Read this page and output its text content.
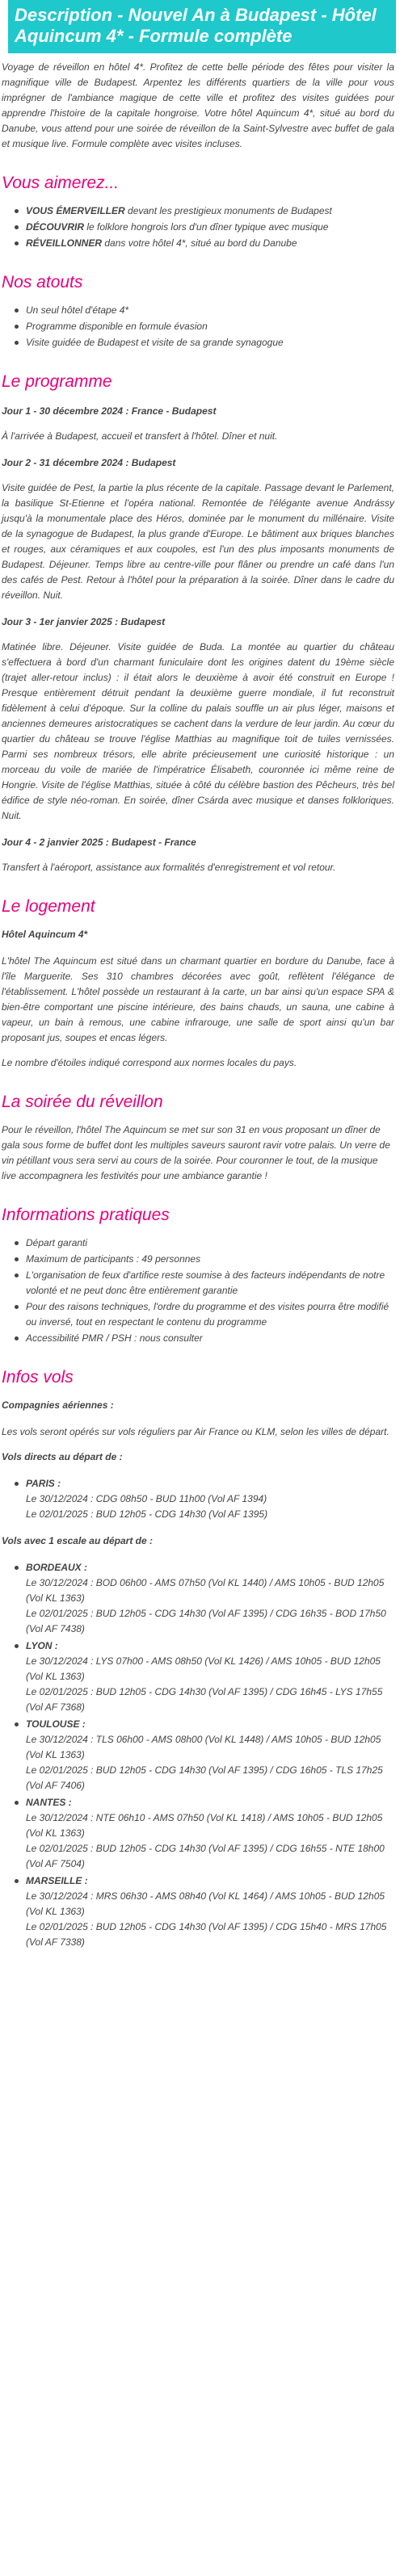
Description - Nouvel An à Budapest - Hôtel Aquincum 4* - Formule complète

Voyage de réveillon en hôtel 4*. Profitez de cette belle période des fêtes pour visiter la magnifique ville de Budapest. Arpentez les différents quartiers de la ville pour vous imprégner de l'ambiance magique de cette ville et profitez des visites guidées pour apprendre l'histoire de la capitale hongroise. Votre hôtel Aquincum 4*, situé au bord du Danube, vous attend pour une soirée de réveillon de la Saint-Sylvestre avec buffet de gala et musique live. Formule complète avec visites incluses.

Vous aimerez...
VOUS ÉMERVEILLER devant les prestigieux monuments de Budapest
DÉCOUVRIR le folklore hongrois lors d'un dîner typique avec musique
RÉVEILLONNER dans votre hôtel 4*, situé au bord du Danube
Nos atouts
Un seul hôtel d'étape 4*
Programme disponible en formule évasion
Visite guidée de Budapest et visite de sa grande synagogue
Le programme
Jour 1 - 30 décembre 2024 : France - Budapest

À l'arrivée à Budapest, accueil et transfert à l'hôtel. Dîner et nuit.

Jour 2 - 31 décembre 2024 : Budapest

Visite guidée de Pest, la partie la plus récente de la capitale. Passage devant le Parlement, la basilique St-Etienne et l'opéra national. Remontée de l'élégante avenue Andrássy jusqu'à la monumentale place des Héros, dominée par le monument du millénaire. Visite de la synagogue de Budapest, la plus grande d'Europe. Le bâtiment aux briques blanches et rouges, aux céramiques et aux coupoles, est l'un des plus imposants monuments de Budapest. Déjeuner. Temps libre au centre-ville pour flâner ou prendre un café dans l'un des cafés de Pest. Retour à l'hôtel pour la préparation à la soirée. Dîner dans le cadre du réveillon. Nuit.

Jour 3 - 1er janvier 2025 : Budapest

Matinée libre. Déjeuner. Visite guidée de Buda. La montée au quartier du château s'effectuera à bord d'un charmant funiculaire dont les origines datent du 19ème siècle (trajet aller-retour inclus) : il était alors le deuxième à avoir été construit en Europe ! Presque entièrement détruit pendant la deuxième guerre mondiale, il fut reconstruit fidèlement à celui d'époque. Sur la colline du palais souffle un air plus léger, maisons et anciennes demeures aristocratiques se cachent dans la verdure de leur jardin. Au cœur du quartier du château se trouve l'église Matthias au magnifique toit de tuiles vernissées. Parmi ses nombreux trésors, elle abrite précieusement une curiosité historique : un morceau du voile de mariée de l'impératrice Élisabeth, couronnée ici même reine de Hongrie. Visite de l'église Matthias, située à côté du célèbre bastion des Pêcheurs, très bel édifice de style néo-roman. En soirée, dîner Csárda avec musique et danses folkloriques. Nuit.

Jour 4 - 2 janvier 2025 : Budapest - France

Transfert à l'aéroport, assistance aux formalités d'enregistrement et vol retour.

Le logement
Hôtel Aquincum 4*

L'hôtel The Aquincum est situé dans un charmant quartier en bordure du Danube, face à l'île Marguerite. Ses 310 chambres décorées avec goût, reflètent l'élégance de l'établissement. L'hôtel possède un restaurant à la carte, un bar ainsi qu'un espace SPA & bien-être comportant une piscine intérieure, des bains chauds, un sauna, une cabine à vapeur, un bain à remous, une cabine infrarouge, une salle de sport ainsi qu'un bar proposant jus, soupes et encas légers.

Le nombre d'étoiles indiqué correspond aux normes locales du pays.

La soirée du réveillon

Pour le réveillon, l'hôtel The Aquincum se met sur son 31 en vous proposant un dîner de gala sous forme de buffet dont les multiples saveurs sauront ravir votre palais. Un verre de vin pétillant vous sera servi au cours de la soirée. Pour couronner le tout, de la musique live accompagnera les festivités pour une ambiance garantie !

Informations pratiques
Départ garanti
Maximum de participants : 49 personnes
L'organisation de feux d'artifice reste soumise à des facteurs indépendants de notre volonté et ne peut donc être entièrement garantie
Pour des raisons techniques, l'ordre du programme et des visites pourra être modifié ou inversé, tout en respectant le contenu du programme
Accessibilité PMR / PSH : nous consulter
Infos vols
Compagnies aériennes :

Les vols seront opérés sur vols réguliers par Air France ou KLM, selon les villes de départ.

Vols directs au départ de :
PARIS :
Le 30/12/2024 : CDG 08h50 - BUD 11h00 (Vol AF 1394)
Le 02/01/2025 : BUD 12h05 - CDG 14h30 (Vol AF 1395)
Vols avec 1 escale au départ de :
BORDEAUX :
Le 30/12/2024 : BOD 06h00 - AMS 07h50 (Vol KL 1440) / AMS 10h05 - BUD 12h05 (Vol KL 1363)
Le 02/01/2025 : BUD 12h05 - CDG 14h30 (Vol AF 1395) / CDG 16h35 - BOD 17h50 (Vol AF 7438)
LYON :
Le 30/12/2024 : LYS 07h00 - AMS 08h50 (Vol KL 1426) / AMS 10h05 - BUD 12h05 (Vol KL 1363)
Le 02/01/2025 : BUD 12h05 - CDG 14h30 (Vol AF 1395) / CDG 16h45 - LYS 17h55 (Vol AF 7368)
TOULOUSE :
Le 30/12/2024 : TLS 06h00 - AMS 08h00 (Vol KL 1448) / AMS 10h05 - BUD 12h05 (Vol KL 1363)
Le 02/01/2025 : BUD 12h05 - CDG 14h30 (Vol AF 1395) / CDG 16h05 - TLS 17h25 (Vol AF 7406)
NANTES :
Le 30/12/2024 : NTE 06h10 - AMS 07h50 (Vol KL 1418) / AMS 10h05 - BUD 12h05 (Vol KL 1363)
Le 02/01/2025 : BUD 12h05 - CDG 14h30 (Vol AF 1395) / CDG 16h55 - NTE 18h00 (Vol AF 7504)
MARSEILLE :
Le 30/12/2024 : MRS 06h30 - AMS 08h40 (Vol KL 1464) / AMS 10h05 - BUD 12h05 (Vol KL 1363)
Le 02/01/2025 : BUD 12h05 - CDG 14h30 (Vol AF 1395) / CDG 15h40 - MRS 17h05 (Vol AF 7338)
